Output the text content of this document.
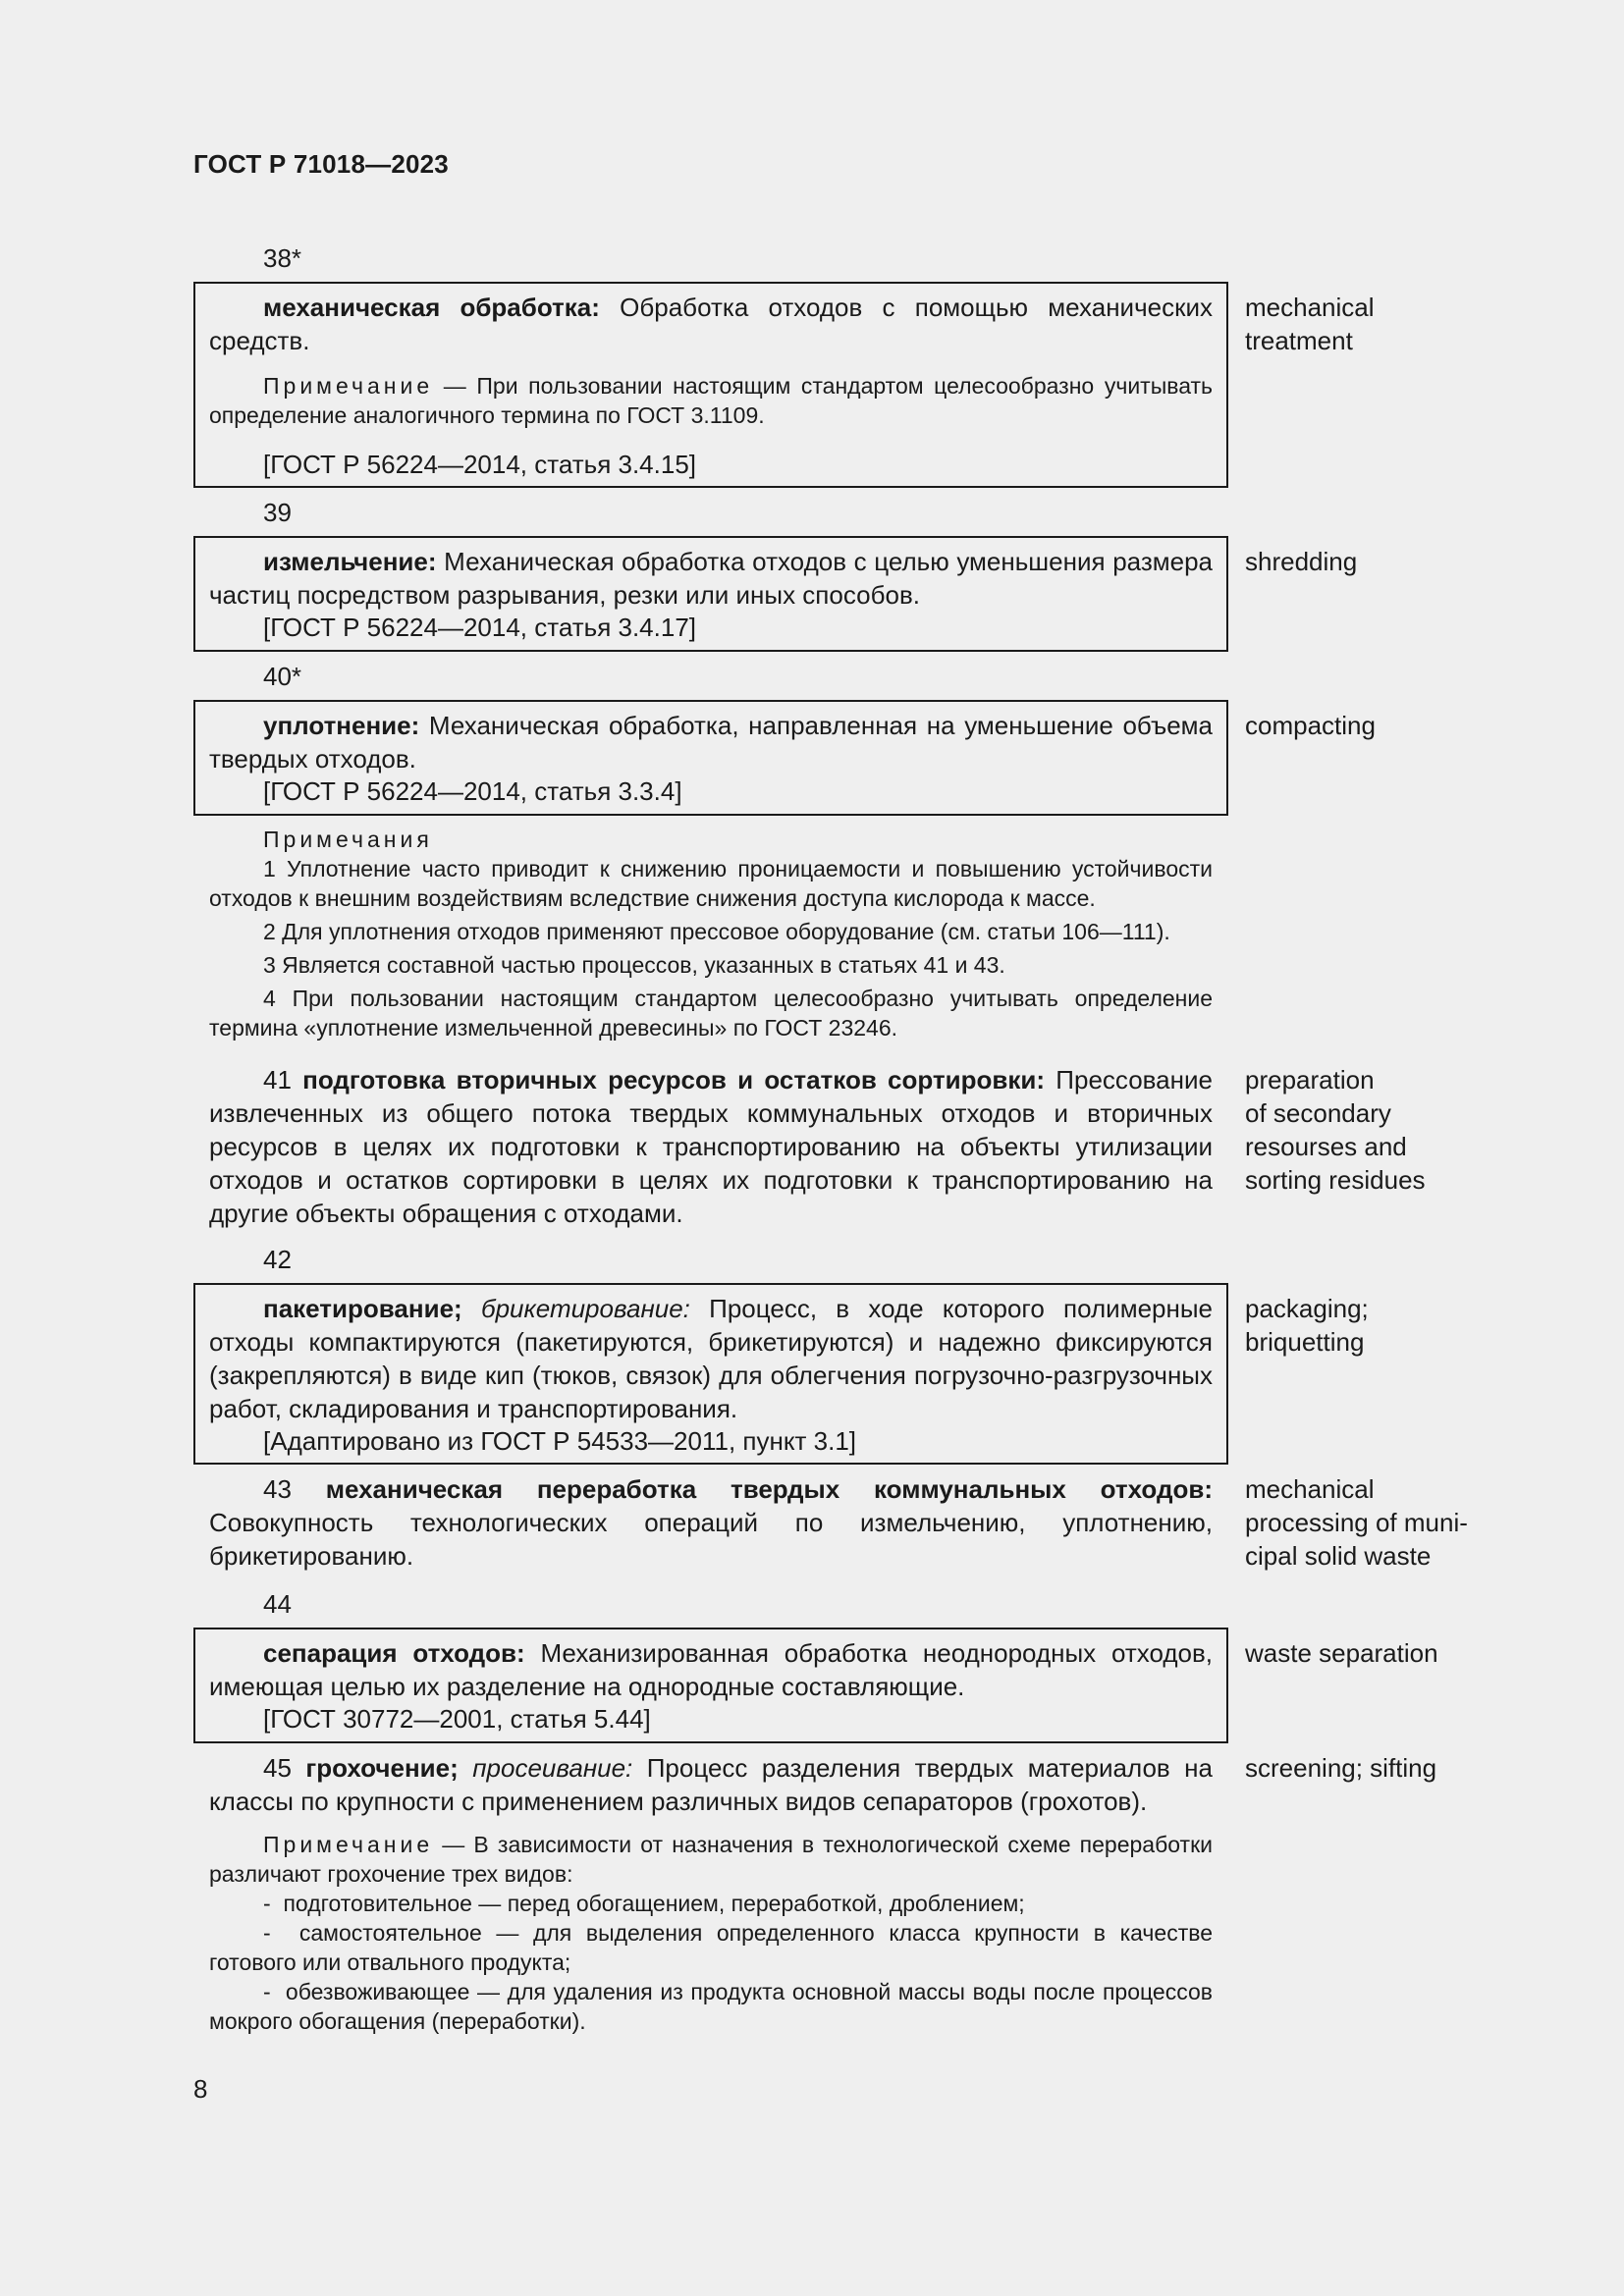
ГОСТ Р 71018—2023
38*
механическая обработка: Обработка отходов с помощью механических средств.
Примечание — При пользовании настоящим стандартом целесообразно учитывать определение аналогичного термина по ГОСТ 3.1109.
[ГОСТ Р 56224—2014, статья 3.4.15]
mechanical
treatment
39
измельчение: Механическая обработка отходов с целью уменьшения размера частиц посредством разрывания, резки или иных способов.
[ГОСТ Р 56224—2014, статья 3.4.17]
shredding
40*
уплотнение: Механическая обработка, направленная на уменьшение объема твердых отходов.
[ГОСТ Р 56224—2014, статья 3.3.4]
compacting
Примечания
1 Уплотнение часто приводит к снижению проницаемости и повышению устойчивости отходов к внешним воздействиям вследствие снижения доступа кислорода к массе.
2 Для уплотнения отходов применяют прессовое оборудование (см. статьи 106—111).
3 Является составной частью процессов, указанных в статьях 41 и 43.
4 При пользовании настоящим стандартом целесообразно учитывать определение термина «уплотнение измельченной древесины» по ГОСТ 23246.
41 подготовка вторичных ресурсов и остатков сортировки: Прессование извлеченных из общего потока твердых коммунальных отходов и вторичных ресурсов в целях их подготовки к транспортированию на объекты утилизации отходов и остатков сортировки в целях их подготовки к транспортированию на другие объекты обращения с отходами.
preparation
of secondary
resourses and
sorting residues
42
пакетирование; брикетирование: Процесс, в ходе которого полимерные отходы компактируются (пакетируются, брикетируются) и надежно фиксируются (закрепляются) в виде кип (тюков, связок) для облегчения погрузочно-разгрузочных работ, складирования и транспортирования.
[Адаптировано из ГОСТ Р 54533—2011, пункт 3.1]
packaging;
briquetting
43 механическая переработка твердых коммунальных отходов: Совокупность технологических операций по измельчению, уплотнению, брикетированию.
mechanical
processing of muni-
cipal solid waste
44
сепарация отходов: Механизированная обработка неоднородных отходов, имеющая целью их разделение на однородные составляющие.
[ГОСТ 30772—2001, статья 5.44]
waste separation
45 грохочение; просеивание: Процесс разделения твердых материалов на классы по крупности с применением различных видов сепараторов (грохотов).
screening; sifting
Примечание — В зависимости от назначения в технологической схеме переработки различают грохочение трех видов:
-  подготовительное — перед обогащением, переработкой, дроблением;
-  самостоятельное — для выделения определенного класса крупности в качестве готового или отвального продукта;
-  обезвоживающее — для удаления из продукта основной массы воды после процессов мокрого обогащения (переработки).
8
